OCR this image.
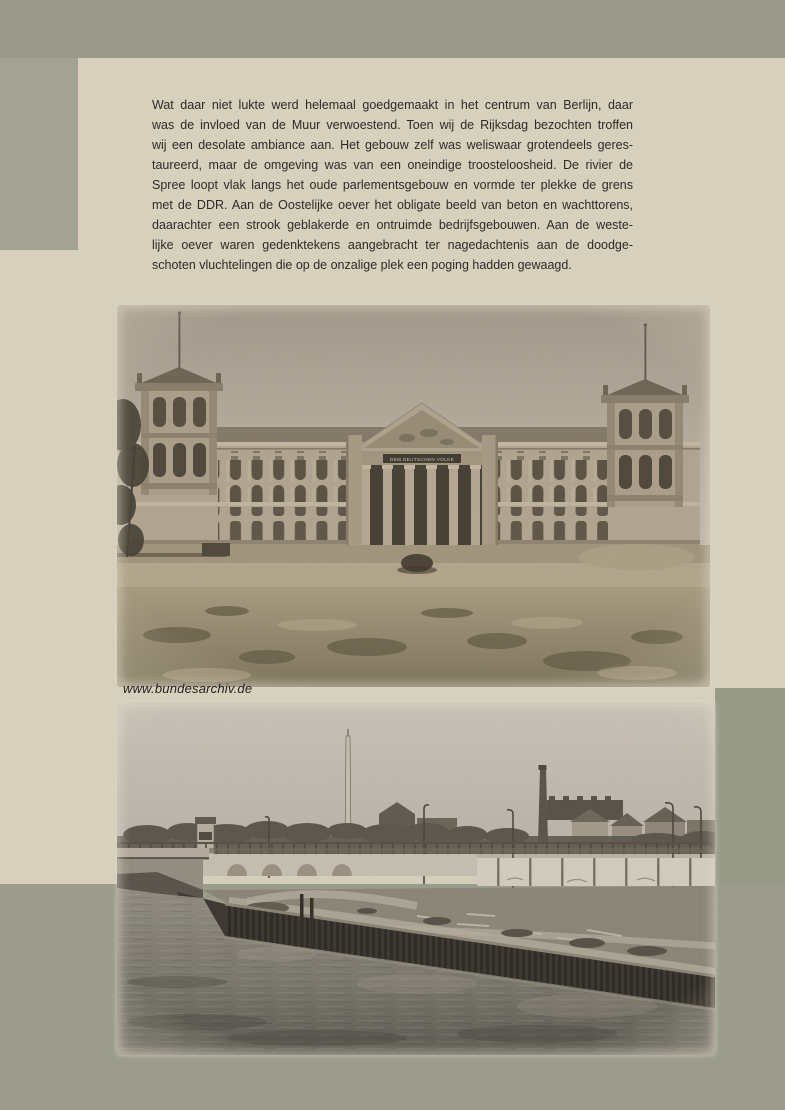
Wat daar niet lukte werd helemaal goedgemaakt in het centrum van Berlijn, daar
was de invloed van de Muur verwoestend. Toen wij de Rijksdag bezochten troffen
wij een desolate ambiance aan. Het gebouw zelf was weliswaar grotendeels geres-
taureerd, maar de omgeving was van een oneindige troosteloosheid. De rivier de
Spree loopt vlak langs het oude parlementsgebouw en vormde ter plekke de grens
met de DDR. Aan de Oostelijke oever het obligate beeld van beton en wachttorens,
daarachter een strook geblakerde en ontruimde bedrijfsgebouwen. Aan de weste-
lijke oever waren gedenktekens aangebracht ter nagedachtenis aan de doodge-
schoten vluchtelingen die op de onzalige plek een poging hadden gewaagd.
www.bundesarchiv.de
